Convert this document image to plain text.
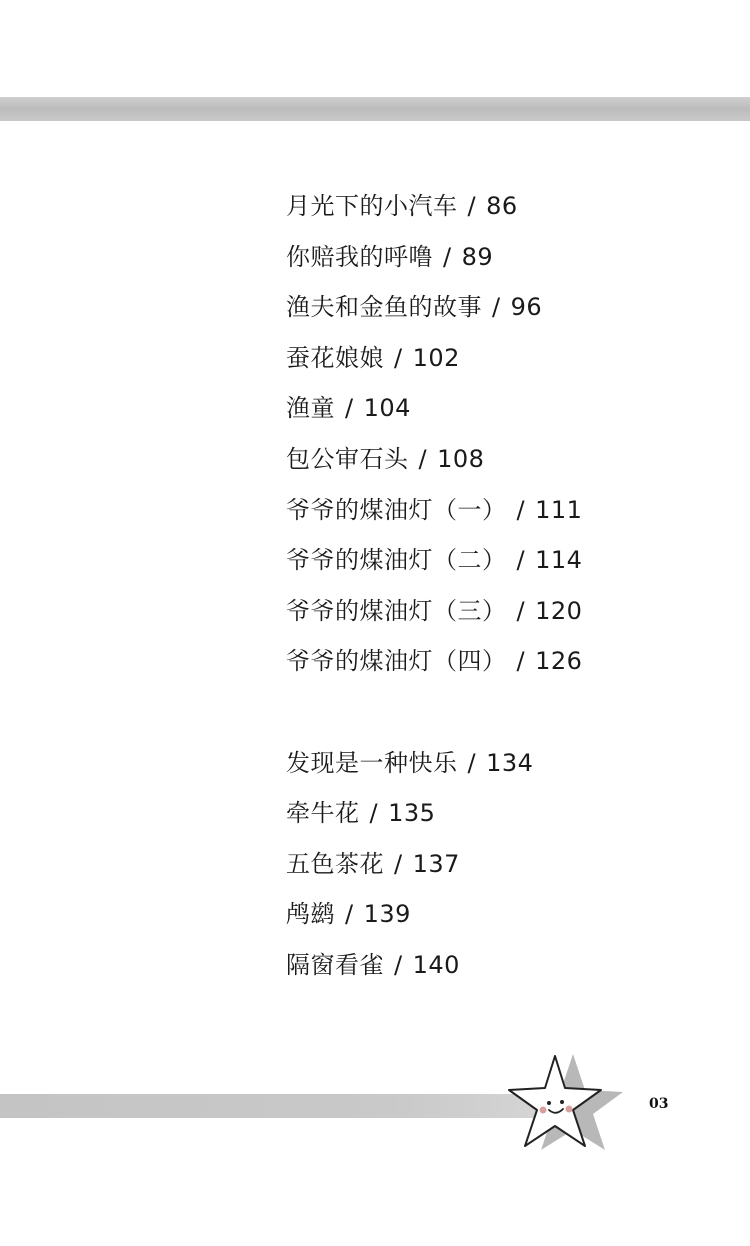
月光下的小汽车 / 86
你赔我的呼噜 / 89
渔夫和金鱼的故事 / 96
蚕花娘娘 / 102
渔童 / 104
包公审石头 / 108
爷爷的煤油灯（一） / 111
爷爷的煤油灯（二） / 114
爷爷的煤油灯（三） / 120
爷爷的煤油灯（四） / 126
发现是一种快乐 / 134
牵牛花 / 135
五色茶花 / 137
鸬鹚 / 139
隔窗看雀 / 140
03
